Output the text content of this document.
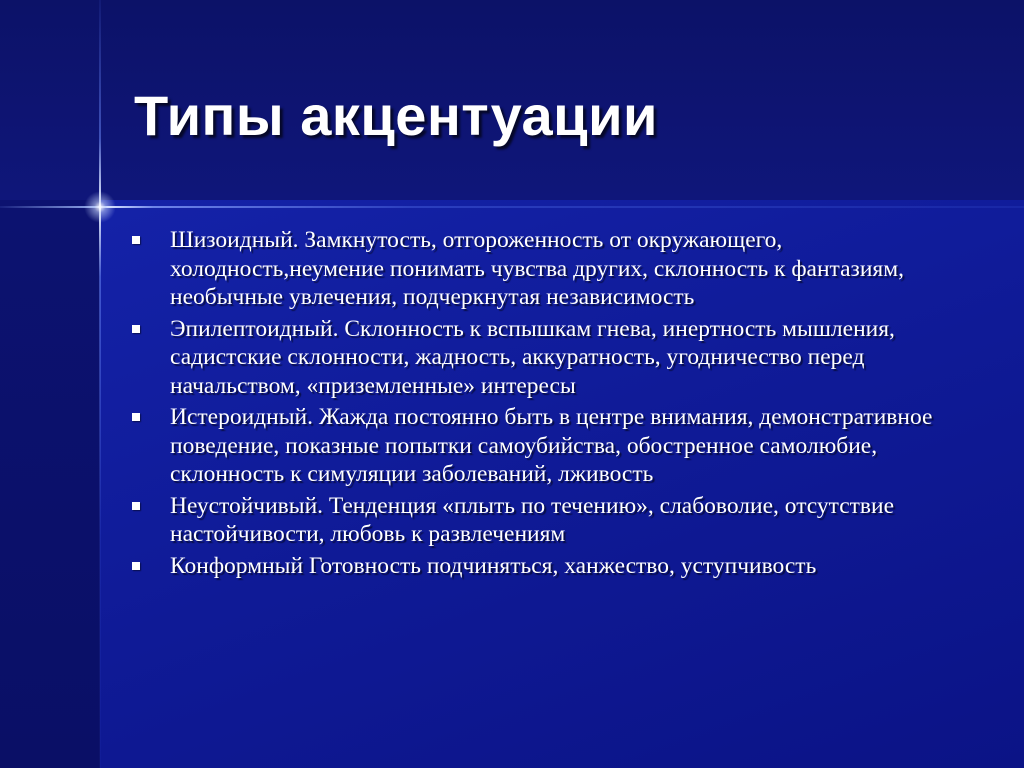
Типы акцентуации
Шизоидный. Замкнутость, отгороженность от окружающего, холодность,неумение понимать чувства других, склонность к фантазиям, необычные увлечения, подчеркнутая независимость
Эпилептоидный. Склонность к вспышкам гнева, инертность мышления, садистские склонности, жадность, аккуратность, угодничество перед начальством, «приземленные» интересы
Истероидный. Жажда постоянно быть в центре внимания, демонстративное поведение, показные попытки самоубийства, обостренное самолюбие, склонность к симуляции заболеваний, лживость
Неустойчивый. Тенденция «плыть по течению», слабоволие, отсутствие настойчивости, любовь к развлечениям
Конформный Готовность подчиняться, ханжество, уступчивость
